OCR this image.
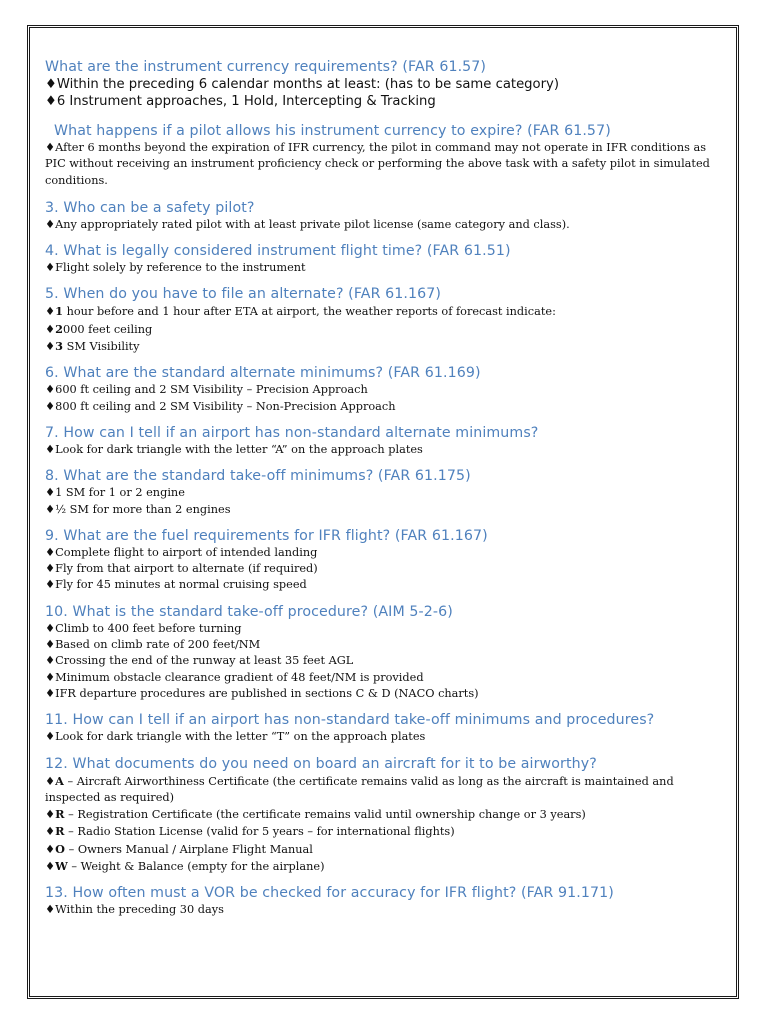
What are the instrument currency requirements? (FAR 61.57)

♦Within the preceding 6 calendar months at least: (has to be same category)

♦6 Instrument approaches, 1 Hold, Intercepting & Tracking

What happens if a pilot allows his instrument currency to expire? (FAR 61.57)

♦After 6 months beyond the expiration of IFR currency, the pilot in command may not operate in IFR conditions as PIC without receiving an instrument proficiency check or performing the above task with a safety pilot in simulated conditions.

3. Who can be a safety pilot?

♦Any appropriately rated pilot with at least private pilot license (same category and class).

4. What is legally considered instrument flight time? (FAR 61.51)

♦Flight solely by reference to the instrument

5. When do you have to file an alternate? (FAR 61.167)

♦1 hour before and 1 hour after ETA at airport, the weather reports of forecast indicate:

♦2000 feet ceiling

♦3 SM Visibility

6. What are the standard alternate minimums? (FAR 61.169)

♦600 ft ceiling and 2 SM Visibility – Precision Approach

♦800 ft ceiling and 2 SM Visibility – Non-Precision Approach

7. How can I tell if an airport has non-standard alternate minimums?

♦Look for dark triangle with the letter “A” on the approach plates

8. What are the standard take-off minimums? (FAR 61.175)

♦1 SM for 1 or 2 engine

♦½ SM for more than 2 engines

9. What are the fuel requirements for IFR flight? (FAR 61.167)

♦Complete flight to airport of intended landing

♦Fly from that airport to alternate (if required)

♦Fly for 45 minutes at normal cruising speed

10. What is the standard take-off procedure? (AIM 5-2-6)

♦Climb to 400 feet before turning

♦Based on climb rate of 200 feet/NM

♦Crossing the end of the runway at least 35 feet AGL

♦Minimum obstacle clearance gradient of 48 feet/NM is provided

♦IFR departure procedures are published in sections C & D (NACO charts)

11. How can I tell if an airport has non-standard take-off minimums and procedures?

♦Look for dark triangle with the letter “T” on the approach plates

12. What documents do you need on board an aircraft for it to be airworthy?

♦A – Aircraft Airworthiness Certificate (the certificate remains valid as long as the aircraft is maintained and inspected as required)

♦R – Registration Certificate (the certificate remains valid until ownership change or 3 years)

♦R – Radio Station License (valid for 5 years – for international flights)

♦O – Owners Manual / Airplane Flight Manual

♦W – Weight & Balance (empty for the airplane)

13. How often must a VOR be checked for accuracy for IFR flight? (FAR 91.171)

♦Within the preceding 30 days
